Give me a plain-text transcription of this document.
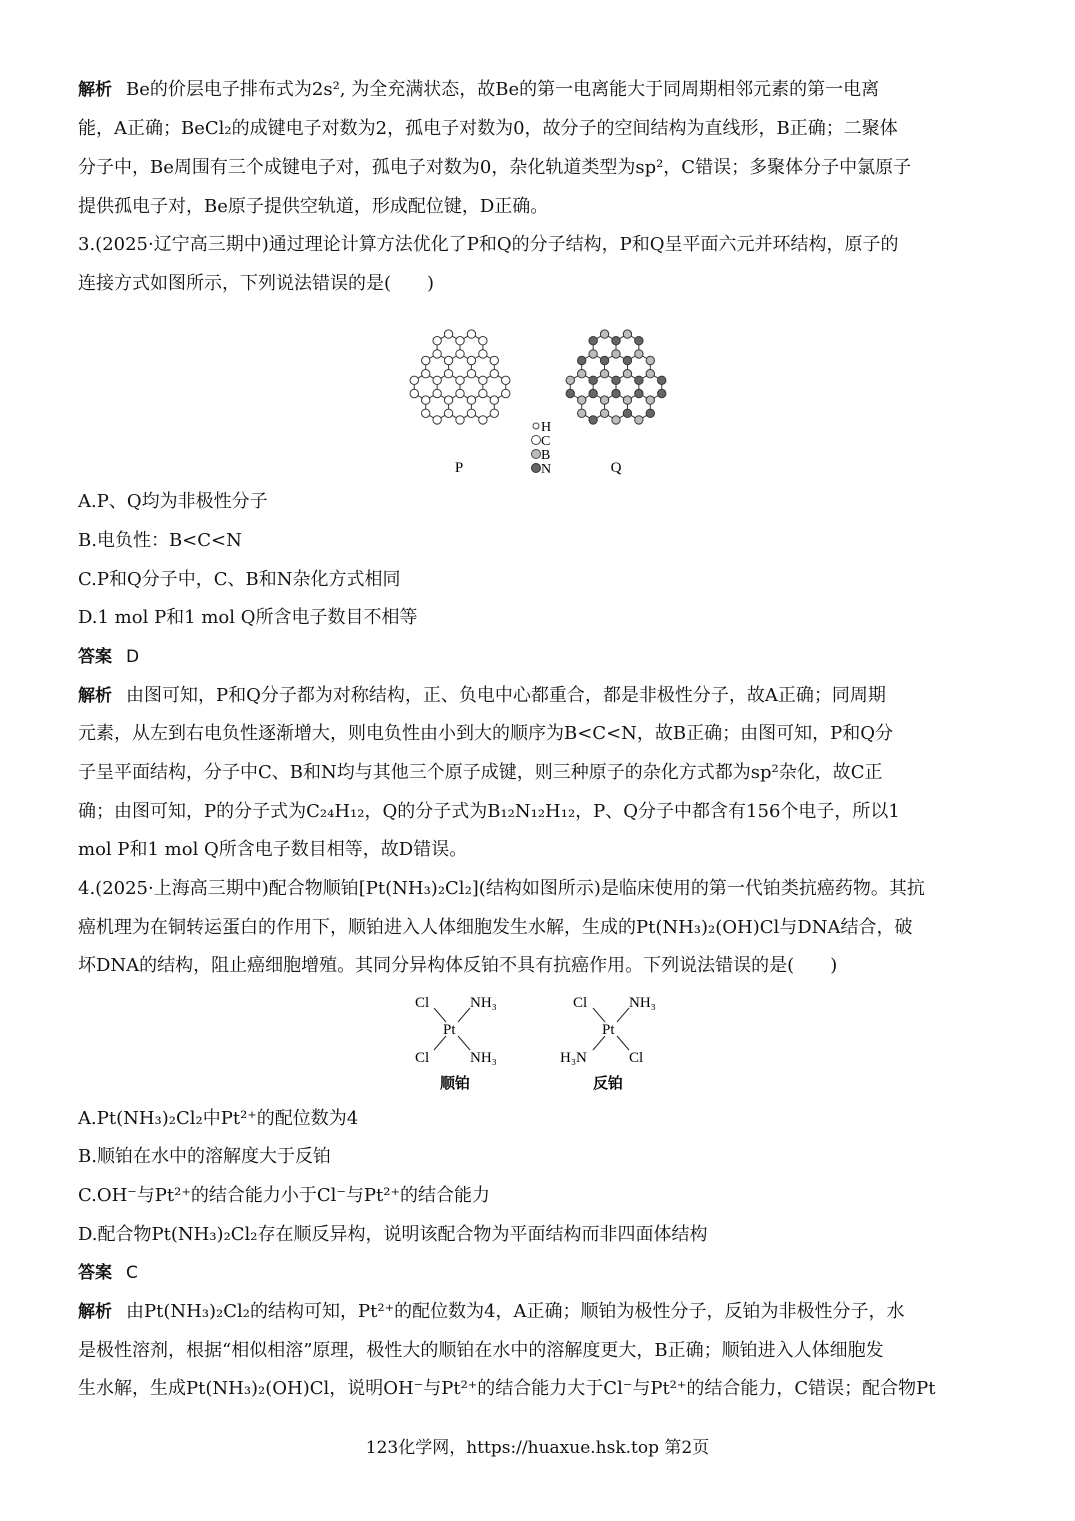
解析 Be的价层电子排布式为2s², 为全充满状态，故Be的第一电离能大于同周期相邻元素的第一电离
能，A正确；BeCl₂的成键电子对数为2，孤电子对数为0，故分子的空间结构为直线形，B正确；二聚体
分子中，Be周围有三个成键电子对，孤电子对数为0，杂化轨道类型为sp²，C错误；多聚体分子中氯原子
提供孤电子对，Be原子提供空轨道，形成配位键，D正确。
3.(2025·辽宁高三期中)通过理论计算方法优化了P和Q的分子结构，P和Q呈平面六元并环结构，原子的
连接方式如图所示，下列说法错误的是(　　)
H
C
B
N
P	Q
A.P、Q均为非极性分子
B.电负性：B<C<N
C.P和Q分子中，C、B和N杂化方式相同
D.1 mol P和1 mol Q所含电子数目不相等
答案 D
解析 由图可知，P和Q分子都为对称结构，正、负电中心都重合，都是非极性分子，故A正确；同周期
元素，从左到右电负性逐渐增大，则电负性由小到大的顺序为B<C<N，故B正确；由图可知，P和Q分
子呈平面结构，分子中C、B和N均与其他三个原子成键，则三种原子的杂化方式都为sp²杂化，故C正
确；由图可知，P的分子式为C₂₄H₁₂，Q的分子式为B₁₂N₁₂H₁₂，P、Q分子中都含有156个电子，所以1
mol P和1 mol Q所含电子数目相等，故D错误。
4.(2025·上海高三期中)配合物顺铂[Pt(NH₃)₂Cl₂](结构如图所示)是临床使用的第一代铂类抗癌药物。其抗
癌机理为在铜转运蛋白的作用下，顺铂进入人体细胞发生水解，生成的Pt(NH₃)₂(OH)Cl与DNA结合，破
坏DNA的结构，阻止癌细胞增殖。其同分异构体反铂不具有抗癌作用。下列说法错误的是(　　)
Cl	NH₃
Pt
Cl	NH₃
顺铂
Cl	NH₃
Pt
H₃N	Cl
反铂
A.Pt(NH₃)₂Cl₂中Pt²⁺的配位数为4
B.顺铂在水中的溶解度大于反铂
C.OH⁻与Pt²⁺的结合能力小于Cl⁻与Pt²⁺的结合能力
D.配合物Pt(NH₃)₂Cl₂存在顺反异构，说明该配合物为平面结构而非四面体结构
答案 C
解析 由Pt(NH₃)₂Cl₂的结构可知，Pt²⁺的配位数为4，A正确；顺铂为极性分子，反铂为非极性分子，水
是极性溶剂，根据“相似相溶”原理，极性大的顺铂在水中的溶解度更大，B正确；顺铂进入人体细胞发
生水解，生成Pt(NH₃)₂(OH)Cl，说明OH⁻与Pt²⁺的结合能力大于Cl⁻与Pt²⁺的结合能力，C错误；配合物Pt
123化学网，https://huaxue.hsk.top 第2页
